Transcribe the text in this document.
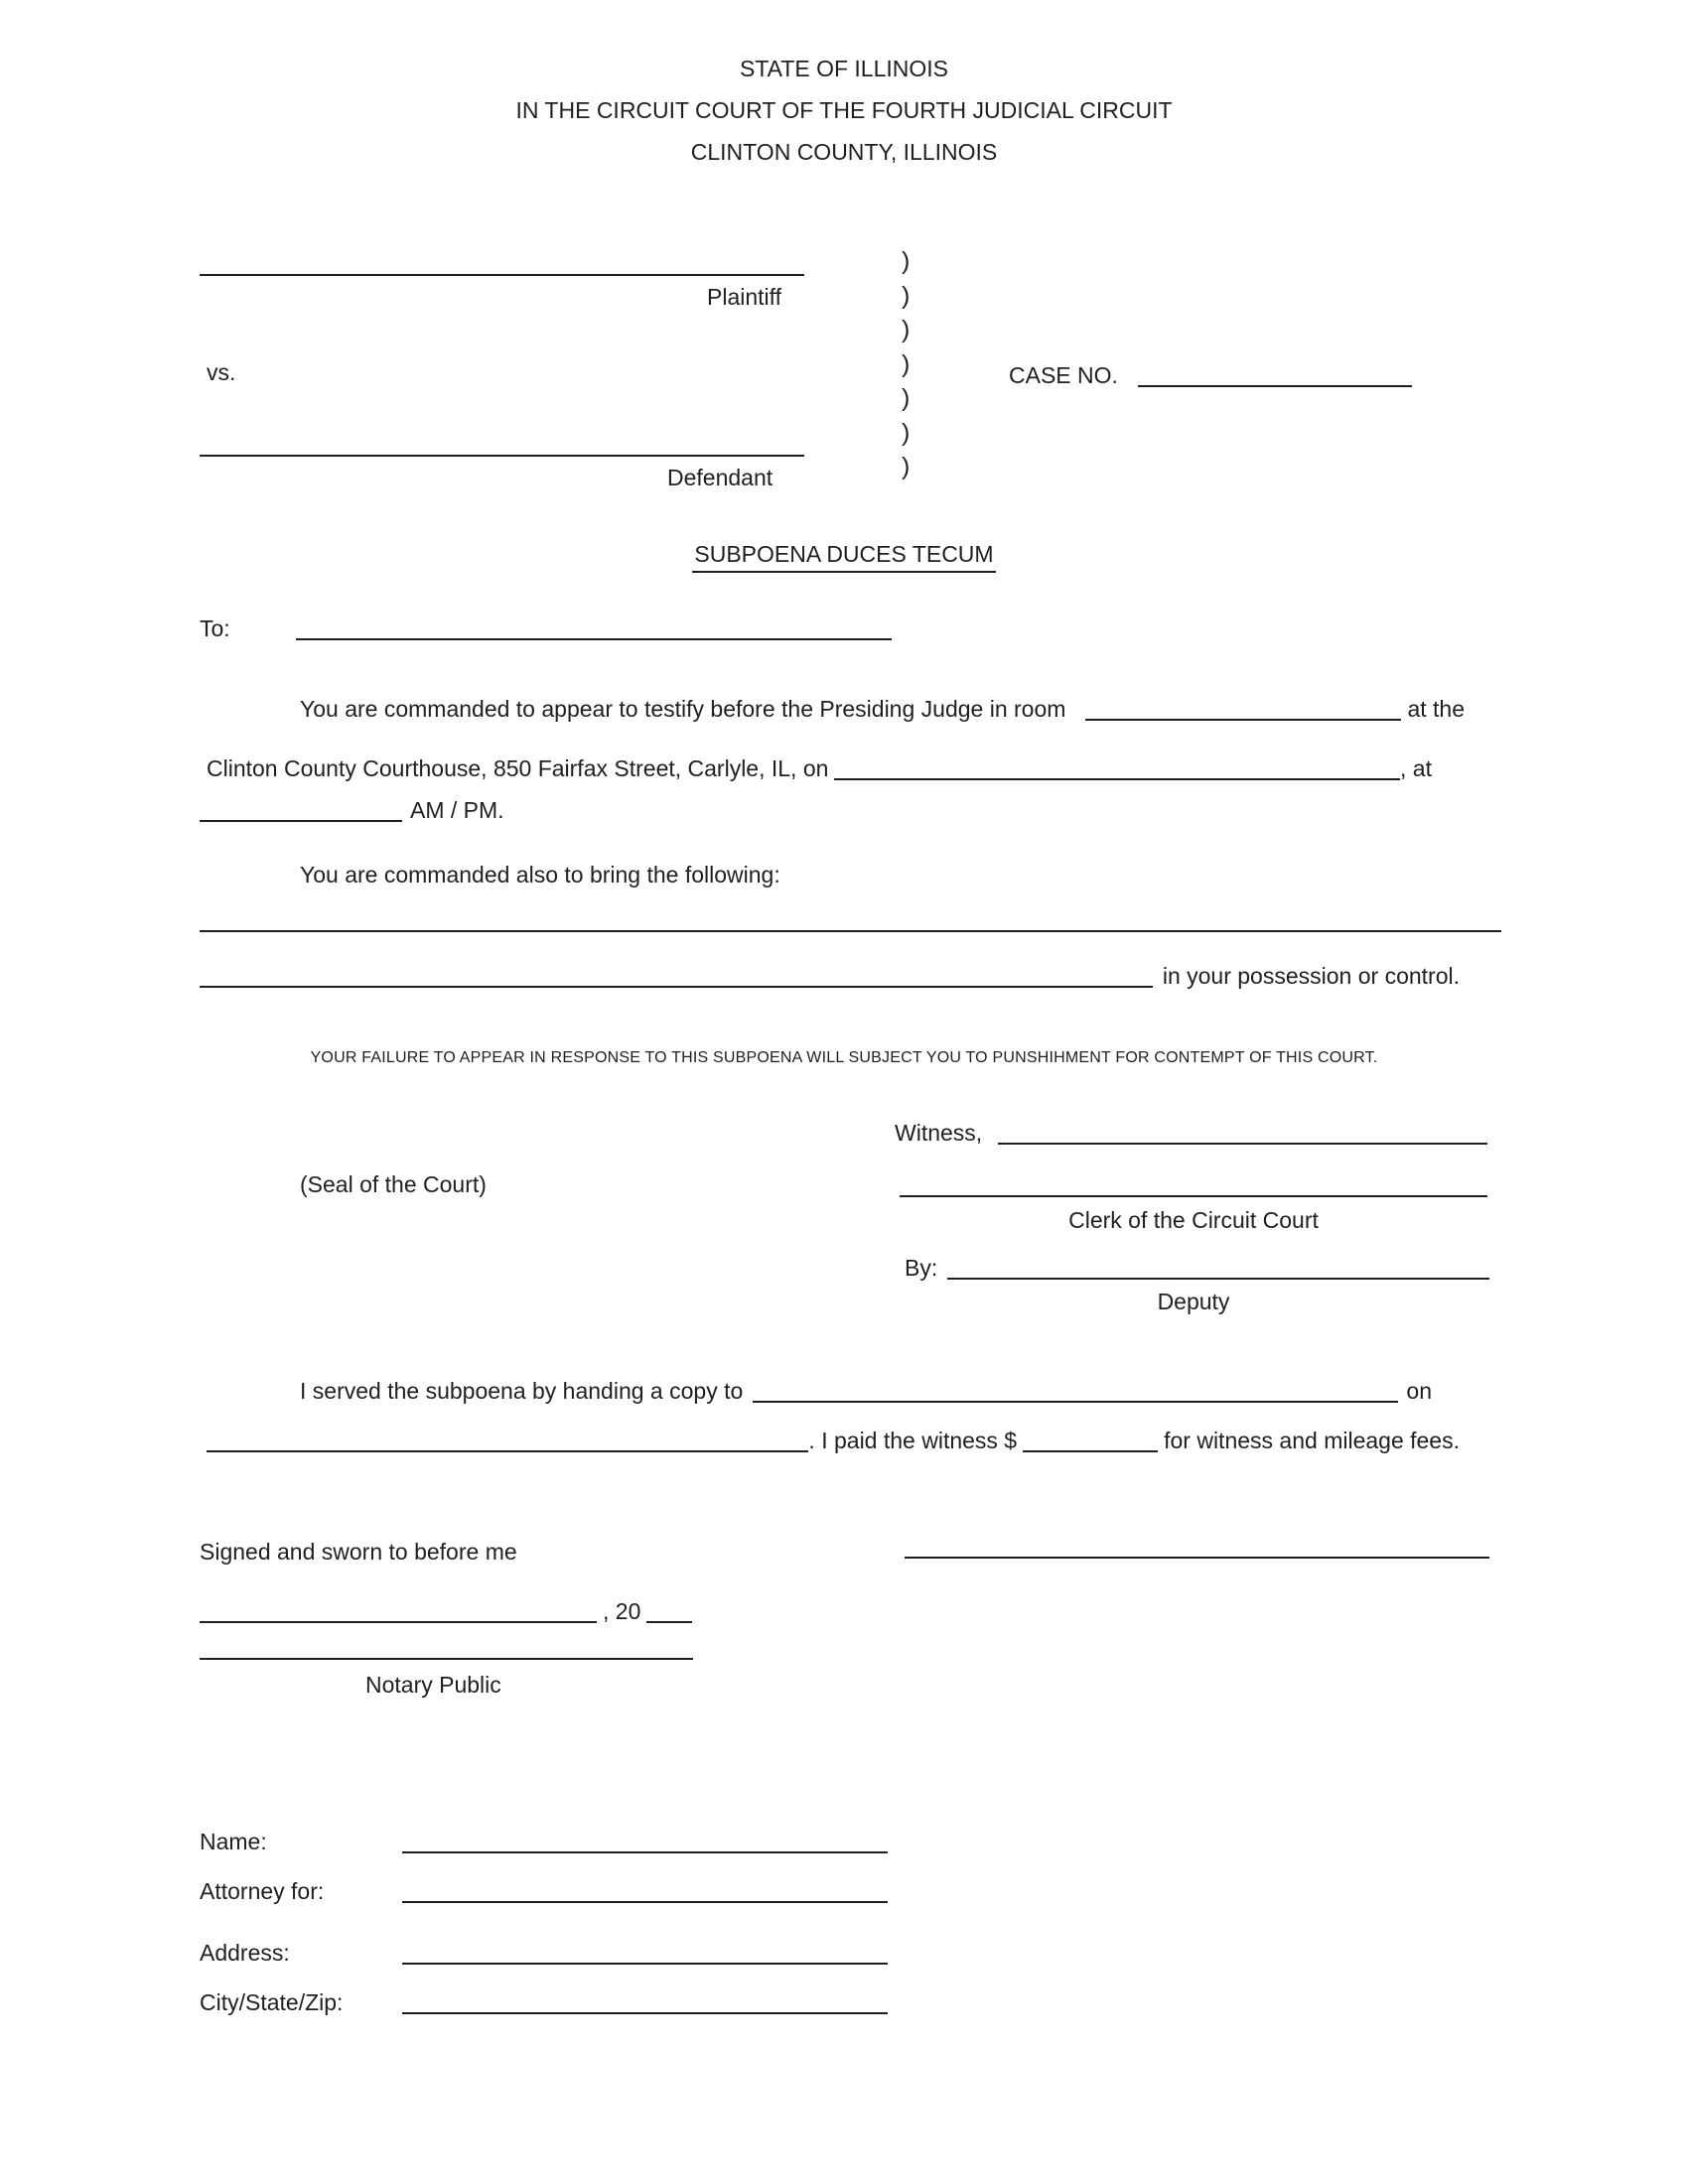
STATE OF ILLINOIS
IN THE CIRCUIT COURT OF THE FOURTH JUDICIAL CIRCUIT
CLINTON COUNTY, ILLINOIS
Plaintiff
vs.
)
)
)
)
)
)
)
CASE NO.
Defendant
SUBPOENA DUCES TECUM
To:
You are commanded to appear to testify before the Presiding Judge in room	at the
Clinton County Courthouse, 850 Fairfax Street, Carlyle, IL, on	, at
AM / PM.
You are commanded also to bring the following:
in your possession or control.
YOUR FAILURE TO APPEAR IN RESPONSE TO THIS SUBPOENA WILL SUBJECT YOU TO PUNSHIHMENT FOR CONTEMPT OF THIS COURT.
Witness,
(Seal of the Court)
Clerk of the Circuit Court
By:
Deputy
I served the subpoena by handing a copy to	on
. I paid the witness $	for witness and mileage fees.
Signed and sworn to before me
, 20
Notary Public
Name:
Attorney for:
Address:
City/State/Zip:
